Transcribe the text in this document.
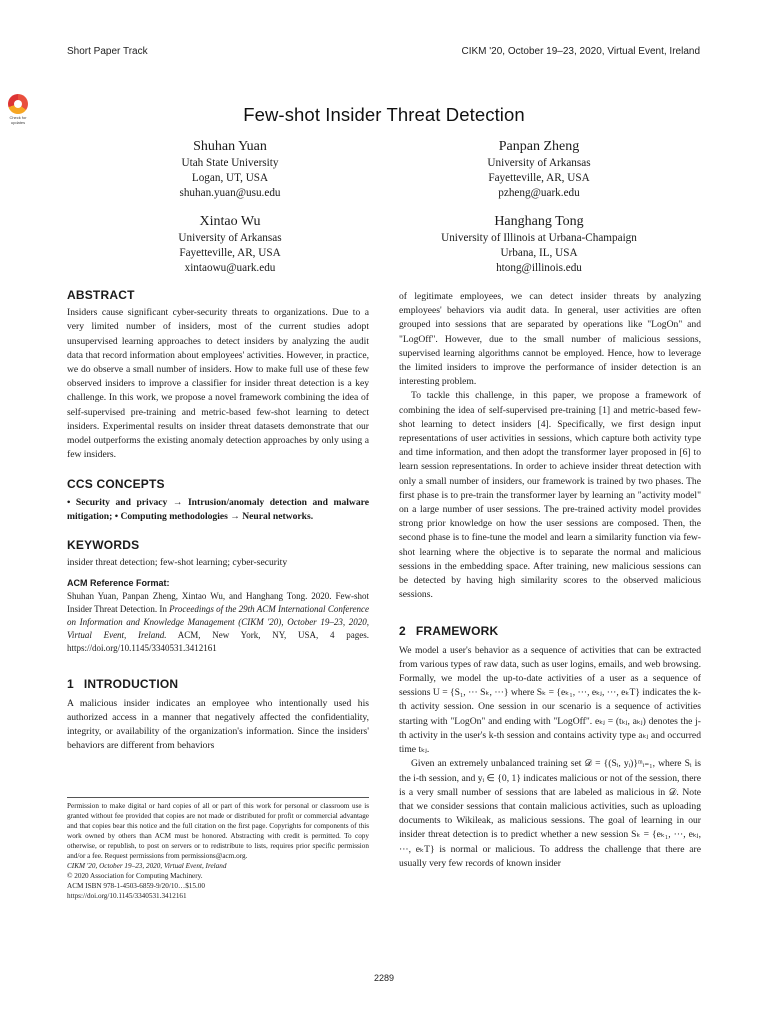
Short Paper Track	CIKM '20, October 19–23, 2020, Virtual Event, Ireland
Check for updates	Few-shot Insider Threat Detection
Shuhan Yuan
Utah State University
Logan, UT, USA
shuhan.yuan@usu.edu
Panpan Zheng
University of Arkansas
Fayetteville, AR, USA
pzheng@uark.edu
Xintao Wu
University of Arkansas
Fayetteville, AR, USA
xintaowu@uark.edu
Hanghang Tong
University of Illinois at Urbana-Champaign
Urbana, IL, USA
htong@illinois.edu
ABSTRACT

Insiders cause significant cyber-security threats to organizations. Due to a very limited number of insiders, most of the current studies adopt unsupervised learning approaches to detect insiders by analyzing the audit data that record information about employees' activities. However, in practice, we do observe a small number of insiders. How to make full use of these few observed insiders to improve a classifier for insider threat detection is a key challenge. In this work, we propose a novel framework combining the idea of self-supervised pre-training and metric-based few-shot learning to detect insiders. Experimental results on insider threat datasets demonstrate that our model outperforms the existing anomaly detection approaches by only using a few insiders.

CCS CONCEPTS

• Security and privacy → Intrusion/anomaly detection and malware mitigation; • Computing methodologies → Neural networks.

KEYWORDS

insider threat detection; few-shot learning; cyber-security

ACM Reference Format:
Shuhan Yuan, Panpan Zheng, Xintao Wu, and Hanghang Tong. 2020. Few-shot Insider Threat Detection. In Proceedings of the 29th ACM International Conference on Information and Knowledge Management (CIKM '20), October 19–23, 2020, Virtual Event, Ireland. ACM, New York, NY, USA, 4 pages. https://doi.org/10.1145/3340531.3412161

1 INTRODUCTION

A malicious insider indicates an employee who intentionally used his authorized access in a manner that negatively affected the confidentiality, integrity, or availability of the organization's information. Since the insiders' behaviors are different from behaviors

Permission to make digital or hard copies of all or part of this work for personal or classroom use is granted without fee provided that copies are not made or distributed for profit or commercial advantage and that copies bear this notice and the full citation on the first page. Copyrights for components of this work owned by others than ACM must be honored. Abstracting with credit is permitted. To copy otherwise, or republish, to post on servers or to redistribute to lists, requires prior specific permission and/or a fee. Request permissions from permissions@acm.org.

CIKM '20, October 19–23, 2020, Virtual Event, Ireland

© 2020 Association for Computing Machinery.

ACM ISBN 978-1-4503-6859-9/20/10…$15.00

https://doi.org/10.1145/3340531.3412161

of legitimate employees, we can detect insider threats by analyzing employees' behaviors via audit data. In general, user activities are often grouped into sessions that are separated by operations like "LogOn" and "LogOff". However, due to the small number of malicious sessions, supervised learning algorithms cannot be employed. Hence, how to leverage the limited insiders to improve the performance of insider detection is an interesting problem.

To tackle this challenge, in this paper, we propose a framework of combining the idea of self-supervised pre-training [1] and metric-based few-shot learning to detect insiders [4]. Specifically, we first design input representations of user activities in sessions, which capture both activity type and time information, and then adopt the transformer layer proposed in [6] to learn session representations. In order to achieve insider threat detection with only a small number of insiders, our framework is trained by two phases. The first phase is to pre-train the transformer layer by learning an "activity model" on a large number of user sessions. The pre-trained activity model provides strong prior knowledge on how the user sessions are composed. Then, the second phase is to fine-tune the model and learn a similarity function via few-shot learning where the objective is to separate the normal and malicious sessions in the embedding space. After training, new malicious sessions can be detected by having high similarity scores to the observed malicious sessions.

2 FRAMEWORK

We model a user's behavior as a sequence of activities that can be extracted from various types of raw data, such as user logins, emails, and web browsing. Formally, we model the up-to-date activities of a user as a sequence of sessions U = {S₁, ··· Sₖ, ···} where Sₖ = {eₖ₁, ···, eₖⱼ, ···, eₖT} indicates the k-th activity session. One session in our scenario is a sequence of activities starting with "LogOn" and ending with "LogOff". eₖⱼ = (tₖⱼ, aₖⱼ) denotes the j-th activity in the user's k-th session and contains activity type aₖⱼ and occurred time tₖⱼ.

Given an extremely unbalanced training set 𝒟 = {(Sᵢ, yᵢ)}ᵐᵢ₌₁, where Sᵢ is the i-th session, and yᵢ ∈ {0, 1} indicates malicious or not of the session, there is a very small number of sessions that are labeled as malicious in 𝒟. Note that we consider sessions that contain malicious activities, such as uploading documents to Wikileak, as malicious sessions. The goal of learning in our insider threat detection is to predict whether a new session Sₖ = {eₖ₁, ···, eₖⱼ, ···, eₖT} is normal or malicious. To address the challenge that there are usually very few records of known insider

2289
